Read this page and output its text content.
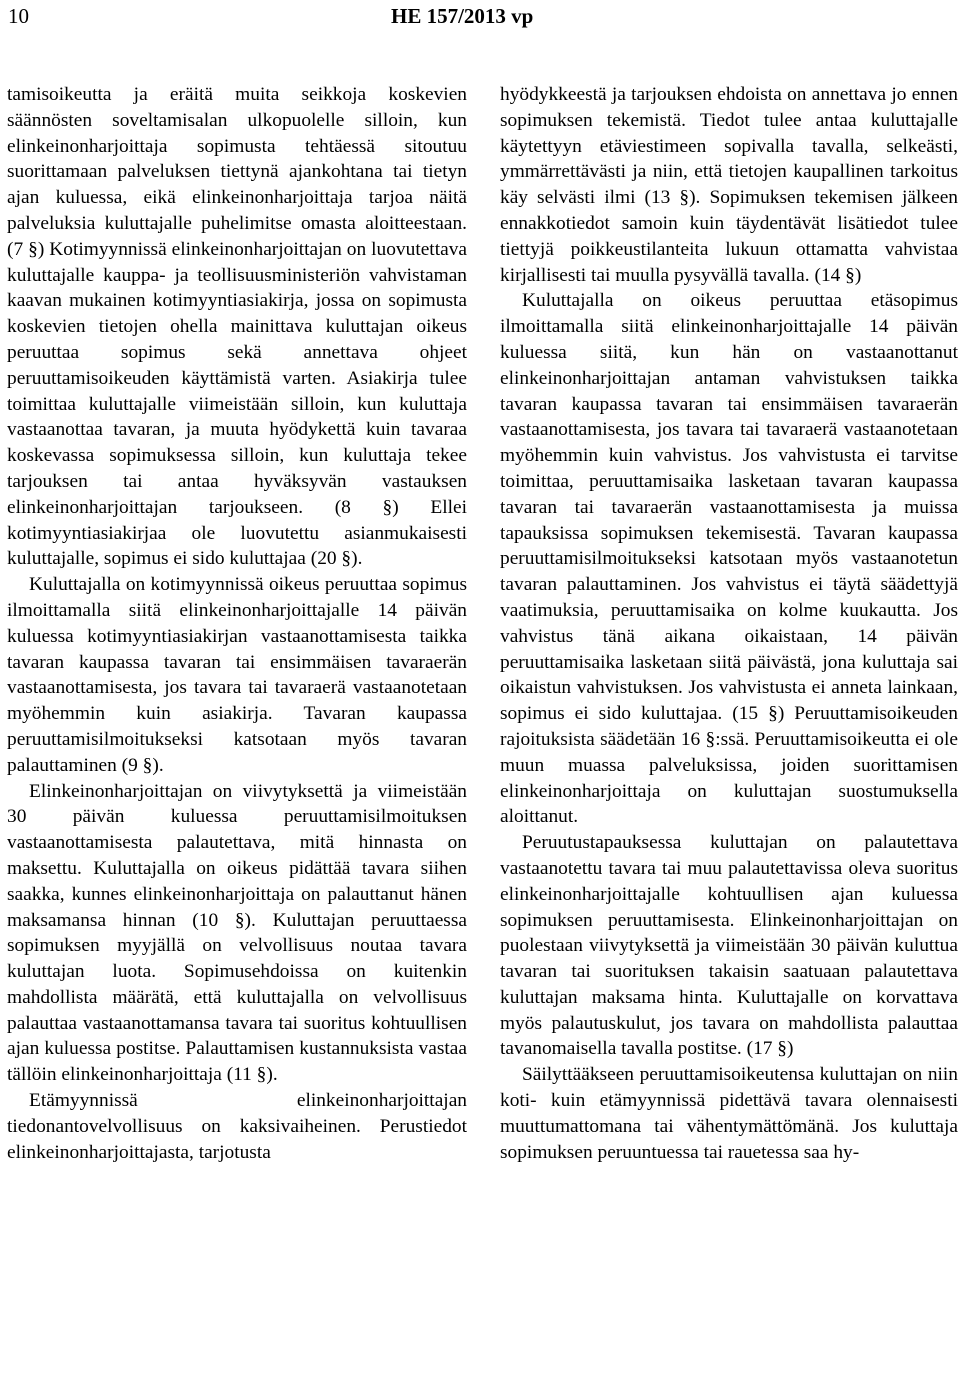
10	HE 157/2013 vp

tamisoikeutta ja eräitä muita seikkoja koskevien säännösten soveltamisalan ulkopuolelle silloin, kun elinkeinonharjoittaja sopimusta tehtäessä sitoutuu suorittamaan palveluksen tiettynä ajankohtana tai tietyn ajan kuluessa, eikä elinkeinonharjoittaja tarjoa näitä palveluksia kuluttajalle puhelimitse omasta aloitteestaan. (7 §) Kotimyynnissä elinkeinonharjoittajan on luovutettava kuluttajalle kauppa- ja teollisuusministeriön vahvistaman kaavan mukainen kotimyyntiasiakirja, jossa on sopimusta koskevien tietojen ohella mainittava kuluttajan oikeus peruuttaa sopimus sekä annettava ohjeet peruuttamisoikeuden käyttämistä varten. Asiakirja tulee toimittaa kuluttajalle viimeistään silloin, kun kuluttaja vastaanottaa tavaran, ja muuta hyödykettä kuin tavaraa koskevassa sopimuksessa silloin, kun kuluttaja tekee tarjouksen tai antaa hyväksyvän vastauksen elinkeinonharjoittajan tarjoukseen. (8 §) Ellei kotimyyntiasiakirjaa ole luovutettu asianmukaisesti kuluttajalle, sopimus ei sido kuluttajaa (20 §).

Kuluttajalla on kotimyynnissä oikeus peruuttaa sopimus ilmoittamalla siitä elinkeinonharjoittajalle 14 päivän kuluessa kotimyyntiasiakirjan vastaanottamisesta taikka tavaran kaupassa tavaran tai ensimmäisen tavaraerän vastaanottamisesta, jos tavara tai tavaraerä vastaanotetaan myöhemmin kuin asiakirja. Tavaran kaupassa peruuttamisilmoitukseksi katsotaan myös tavaran palauttaminen (9 §).

Elinkeinonharjoittajan on viivytyksettä ja viimeistään 30 päivän kuluessa peruuttamisilmoituksen vastaanottamisesta palautettava, mitä hinnasta on maksettu. Kuluttajalla on oikeus pidättää tavara siihen saakka, kunnes elinkeinonharjoittaja on palauttanut hänen maksamansa hinnan (10 §). Kuluttajan peruuttaessa sopimuksen myyjällä on velvollisuus noutaa tavara kuluttajan luota. Sopimusehdoissa on kuitenkin mahdollista määrätä, että kuluttajalla on velvollisuus palauttaa vastaanottamansa tavara tai suoritus kohtuullisen ajan kuluessa postitse. Palauttamisen kustannuksista vastaa tällöin elinkeinonharjoittaja (11 §).

Etämyynnissä elinkeinonharjoittajan tiedonantovelvollisuus on kaksivaiheinen. Perustiedot elinkeinonharjoittajasta, tarjotusta

hyödykkeestä ja tarjouksen ehdoista on annettava jo ennen sopimuksen tekemistä. Tiedot tulee antaa kuluttajalle käytettyyn etäviestimeen sopivalla tavalla, selkeästi, ymmärrettävästi ja niin, että tietojen kaupallinen tarkoitus käy selvästi ilmi (13 §). Sopimuksen tekemisen jälkeen ennakkotiedot samoin kuin täydentävät lisätiedot tulee tiettyjä poikkeustilanteita lukuun ottamatta vahvistaa kirjallisesti tai muulla pysyvällä tavalla. (14 §)

Kuluttajalla on oikeus peruuttaa etäsopimus ilmoittamalla siitä elinkeinonharjoittajalle 14 päivän kuluessa siitä, kun hän on vastaanottanut elinkeinonharjoittajan antaman vahvistuksen taikka tavaran kaupassa tavaran tai ensimmäisen tavaraerän vastaanottamisesta, jos tavara tai tavaraerä vastaanotetaan myöhemmin kuin vahvistus. Jos vahvistusta ei tarvitse toimittaa, peruuttamisaika lasketaan tavaran kaupassa tavaran tai tavaraerän vastaanottamisesta ja muissa tapauksissa sopimuksen tekemisestä. Tavaran kaupassa peruuttamisilmoitukseksi katsotaan myös vastaanotetun tavaran palauttaminen. Jos vahvistus ei täytä säädettyjä vaatimuksia, peruuttamisaika on kolme kuukautta. Jos vahvistus tänä aikana oikaistaan, 14 päivän peruuttamisaika lasketaan siitä päivästä, jona kuluttaja sai oikaistun vahvistuksen. Jos vahvistusta ei anneta lainkaan, sopimus ei sido kuluttajaa. (15 §) Peruuttamisoikeuden rajoituksista säädetään 16 §:ssä. Peruuttamisoikeutta ei ole muun muassa palveluksissa, joiden suorittamisen elinkeinonharjoittaja on kuluttajan suostumuksella aloittanut.

Peruutustapauksessa kuluttajan on palautettava vastaanotettu tavara tai muu palautettavissa oleva suoritus elinkeinonharjoittajalle kohtuullisen ajan kuluessa sopimuksen peruuttamisesta. Elinkeinonharjoittajan on puolestaan viivytyksettä ja viimeistään 30 päivän kuluttua tavaran tai suorituksen takaisin saatuaan palautettava kuluttajan maksama hinta. Kuluttajalle on korvattava myös palautuskulut, jos tavara on mahdollista palauttaa tavanomaisella tavalla postitse. (17 §)

Säilyttääkseen peruuttamisoikeutensa kuluttajan on niin koti- kuin etämyynnissä pidettävä tavara olennaisesti muuttumattomana tai vähentymättömänä. Jos kuluttaja sopimuksen peruuntuessa tai rauetessa saa hy-
